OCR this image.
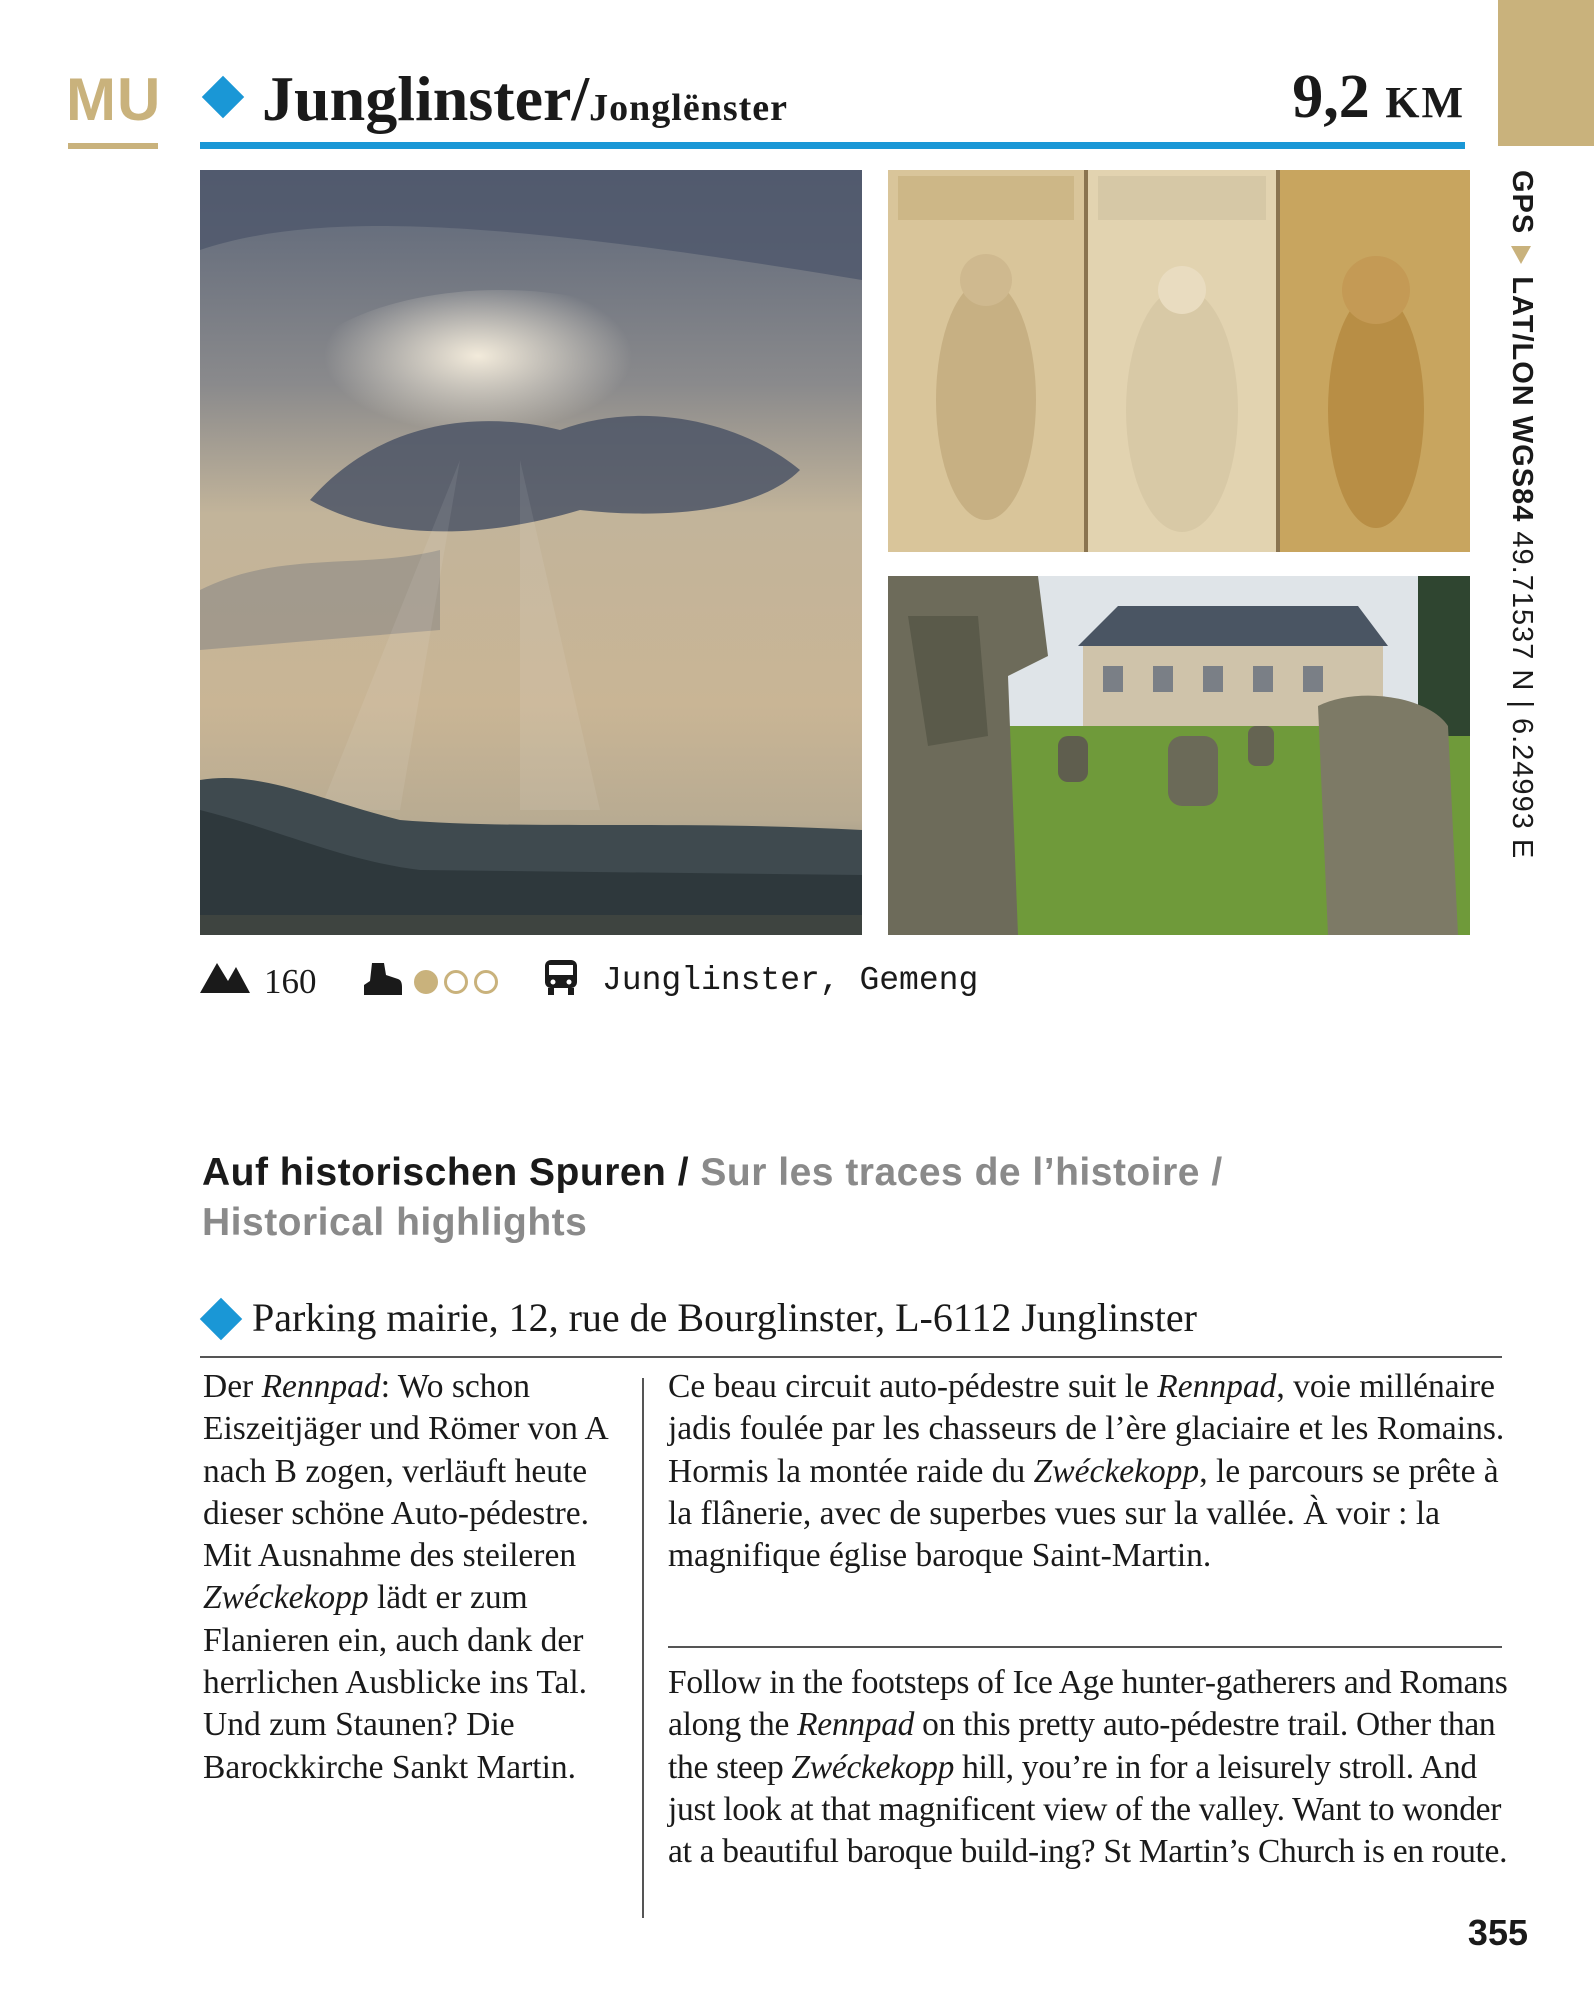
MU Junglinster/Jonglënster	9,2 KM
GPSLAT/LON WGS84 49.71537 N | 6.24993 E
160	Junglinster, Gemeng
Auf historischen Spuren / Sur les traces de l’histoire /
Historical highlights
Parking mairie, 12, rue de Bourglinster, L-6112 Junglinster
Der Rennpad: Wo schon Eiszeitjäger und Römer von A nach B zogen, verläuft heute dieser schöne Auto-pédestre. Mit Ausnahme des steileren Zwéckekopp lädt er zum Flanieren ein, auch dank der herrlichen Ausblicke ins Tal. Und zum Staunen? Die Barockkirche Sankt Martin.
Ce beau circuit auto-pédestre suit le Rennpad, voie millénaire jadis foulée par les chasseurs de l’ère glaciaire et les Romains. Hormis la montée raide du Zwéckekopp, le parcours se prête à la flânerie, avec de superbes vues sur la vallée. À voir : la magnifique église baroque Saint-Martin.
Follow in the footsteps of Ice Age hunter-gatherers and Romans along the Rennpad on this pretty auto-pédestre trail. Other than the steep Zwéckekopp hill, you’re in for a leisurely stroll. And just look at that magnificent view of the valley. Want to wonder at a beautiful baroque build-ing? St Martin’s Church is en route.
355
